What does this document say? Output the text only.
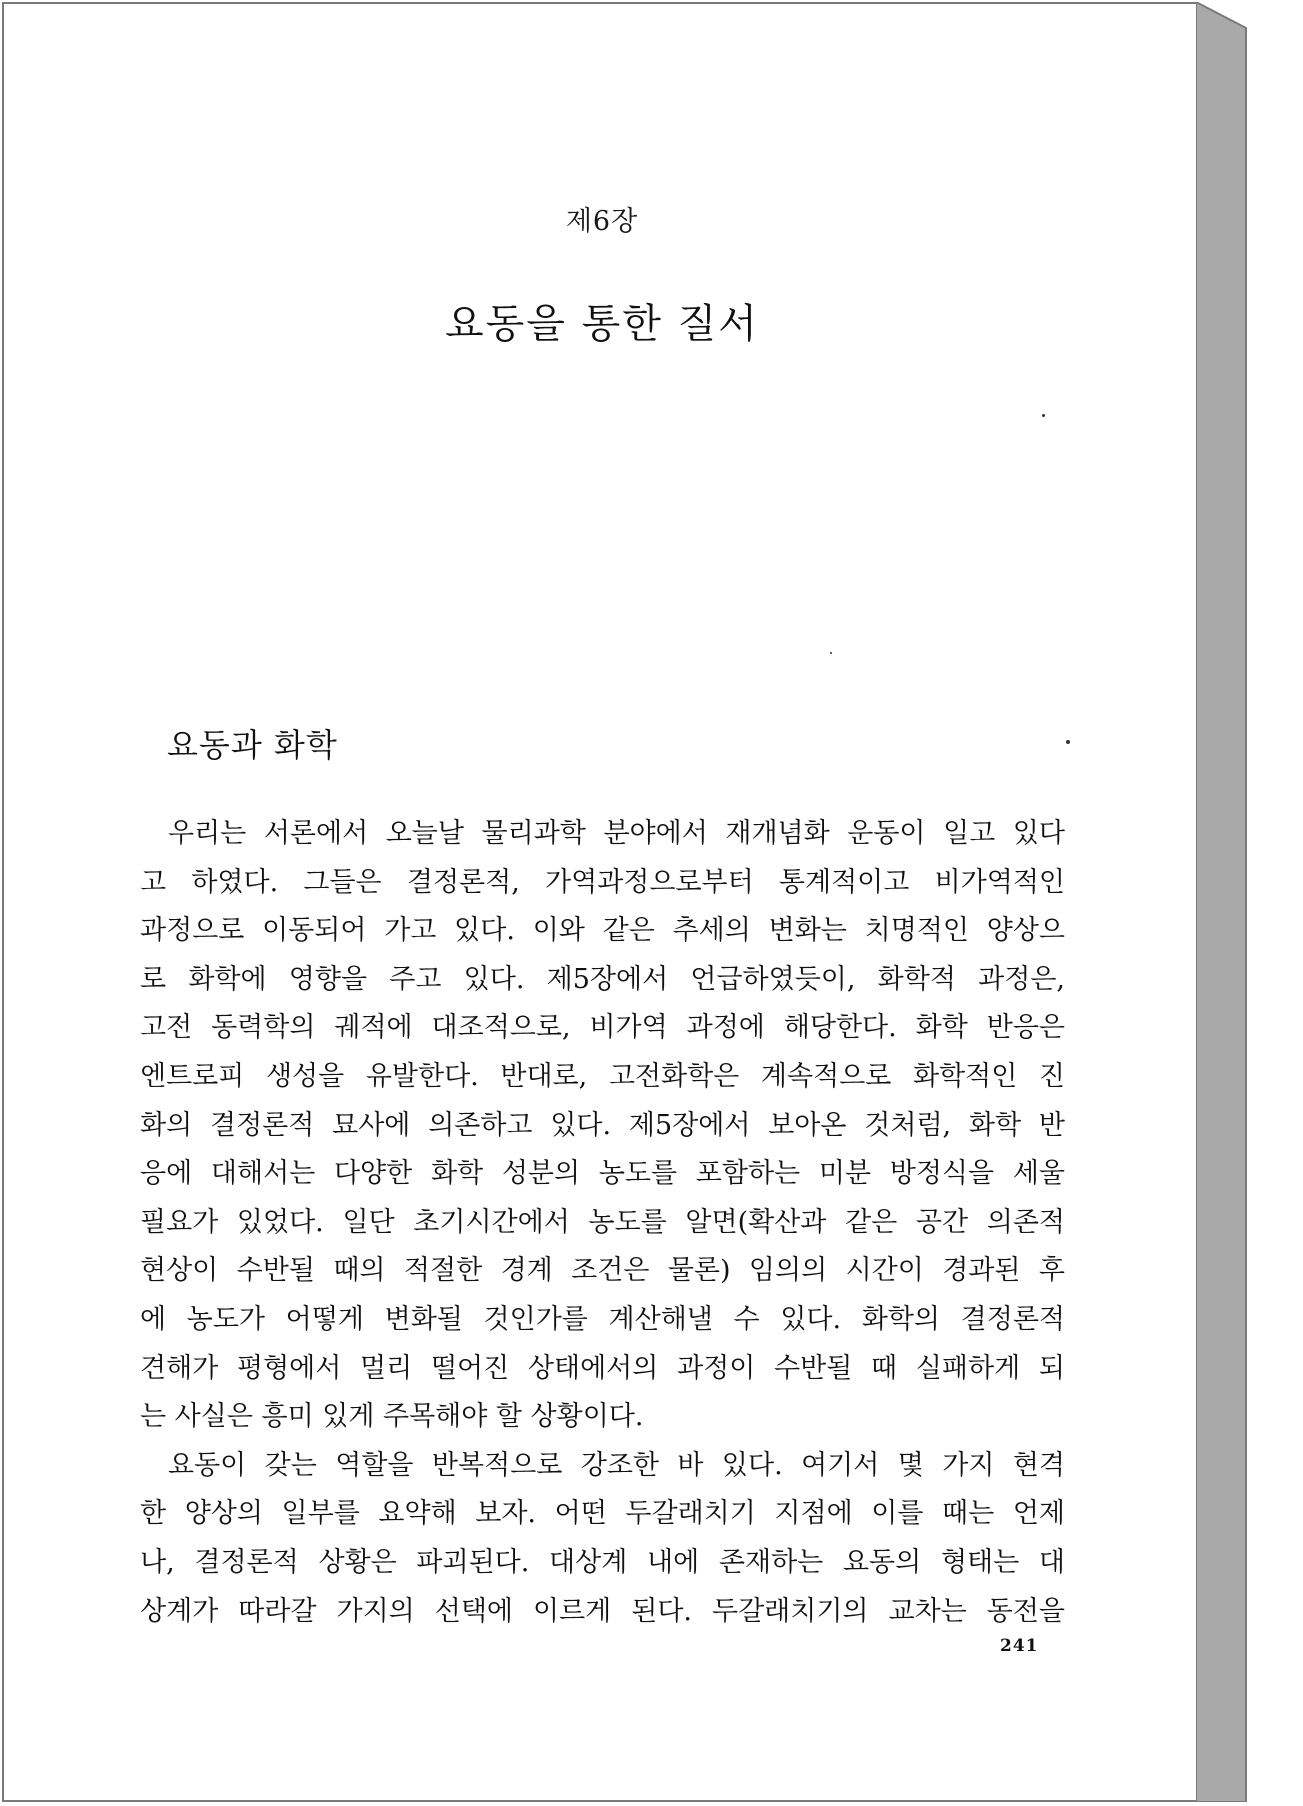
제6장
요동을 통한 질서
요동과 화학
우리는 서론에서 오늘날 물리과학 분야에서 재개념화 운동이 일고 있다
고 하였다. 그들은 결정론적, 가역과정으로부터 통계적이고 비가역적인
과정으로 이동되어 가고 있다. 이와 같은 추세의 변화는 치명적인 양상으
로 화학에 영향을 주고 있다. 제5장에서 언급하였듯이, 화학적 과정은,
고전 동력학의 궤적에 대조적으로, 비가역 과정에 해당한다. 화학 반응은
엔트로피 생성을 유발한다. 반대로, 고전화학은 계속적으로 화학적인 진
화의 결정론적 묘사에 의존하고 있다. 제5장에서 보아온 것처럼, 화학 반
응에 대해서는 다양한 화학 성분의 농도를 포함하는 미분 방정식을 세울
필요가 있었다. 일단 초기시간에서 농도를 알면(확산과 같은 공간 의존적
현상이 수반될 때의 적절한 경계 조건은 물론) 임의의 시간이 경과된 후
에 농도가 어떻게 변화될 것인가를 계산해낼 수 있다. 화학의 결정론적
견해가 평형에서 멀리 떨어진 상태에서의 과정이 수반될 때 실패하게 되
는 사실은 흥미 있게 주목해야 할 상황이다.
요동이 갖는 역할을 반복적으로 강조한 바 있다. 여기서 몇 가지 현격
한 양상의 일부를 요약해 보자. 어떤 두갈래치기 지점에 이를 때는 언제
나, 결정론적 상황은 파괴된다. 대상계 내에 존재하는 요동의 형태는 대
상계가 따라갈 가지의 선택에 이르게 된다. 두갈래치기의 교차는 동전을
241
